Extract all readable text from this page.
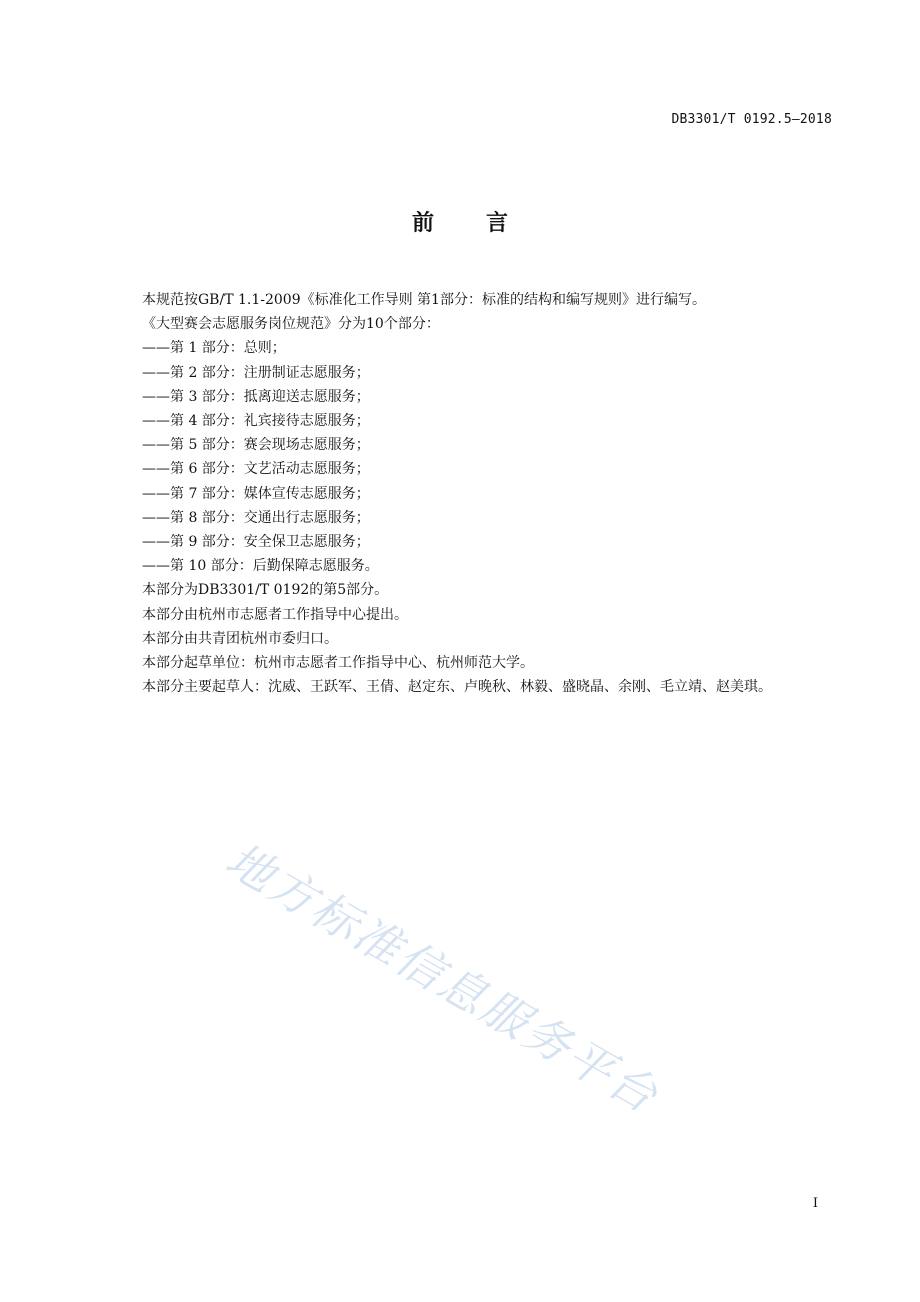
DB3301/T 0192.5—2018
前 言

本规范按GB/T 1.1-2009《标准化工作导则 第1部分：标准的结构和编写规则》进行编写。

《大型赛会志愿服务岗位规范》分为10个部分：

——第 1 部分：总则；

——第 2 部分：注册制证志愿服务；

——第 3 部分：抵离迎送志愿服务；

——第 4 部分：礼宾接待志愿服务；

——第 5 部分：赛会现场志愿服务；

——第 6 部分：文艺活动志愿服务；

——第 7 部分：媒体宣传志愿服务；

——第 8 部分：交通出行志愿服务；

——第 9 部分：安全保卫志愿服务；

——第 10 部分：后勤保障志愿服务。

本部分为DB3301/T 0192的第5部分。

本部分由杭州市志愿者工作指导中心提出。

本部分由共青团杭州市委归口。

本部分起草单位：杭州市志愿者工作指导中心、杭州师范大学。

本部分主要起草人：沈威、王跃军、王倩、赵定东、卢晚秋、林毅、盛晓晶、余刚、毛立靖、赵美琪。

地方标准信息服务平台
I
